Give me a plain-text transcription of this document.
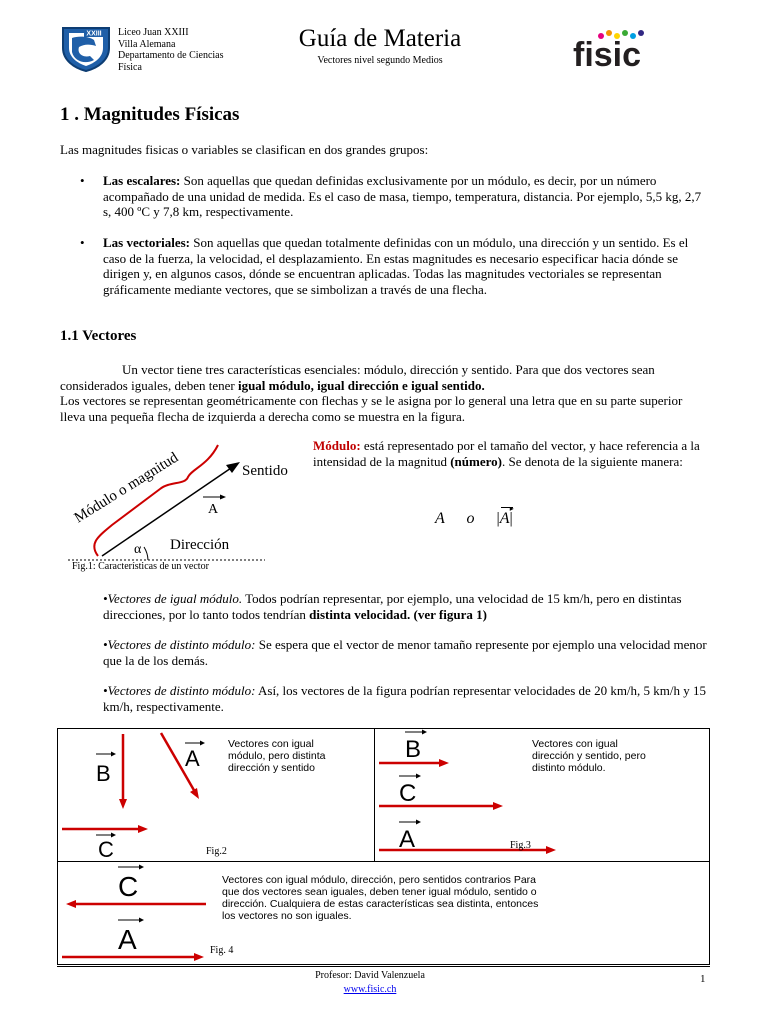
XXIII Liceo Juan XXIII
Villa Alemana
Departamento de Ciencias
Física
Guía de Materia
Vectores nivel segundo Medios	fisic
1 . Magnitudes Físicas
Las magnitudes fisicas o variables se clasifican en dos grandes grupos:
• Las escalares: Son aquellas que quedan definidas exclusivamente por un módulo, es decir, por un número acompañado de una unidad de medida. Es el caso de masa, tiempo, temperatura, distancia. Por ejemplo, 5,5 kg, 2,7 s, 400 ºC y 7,8 km, respectivamente.
• Las vectoriales: Son aquellas que quedan totalmente definidas con un módulo, una dirección y un sentido. Es el caso de la fuerza, la velocidad, el desplazamiento. En estas magnitudes es necesario especificar hacia dónde se dirigen y, en algunos casos, dónde se encuentran aplicadas. Todas las magnitudes vectoriales se representan gráficamente mediante vectores, que se simbolizan a través de una flecha.
1.1 Vectores
Un vector tiene tres características esenciales: módulo, dirección y sentido. Para que dos vectores sean considerados iguales, deben tener igual módulo, igual dirección e igual sentido.
Los vectores se representan geométricamente con flechas y se le asigna por lo general una letra que en su parte superior lleva una pequeña flecha de izquierda a derecha como se muestra en la figura.
A
α Dirección
Sentido
Módulo o magnitud
Fig.1: Características de un vector
Módulo: está representado por el tamaño del vector, y hace referencia a la intensidad de la magnitud (número). Se denota de la siguiente manera:
A o |
▸
A|
•Vectores de igual módulo. Todos podrían representar, por ejemplo, una velocidad de 15 km/h, pero en distintas direcciones, por lo tanto todos tendrían distinta velocidad. (ver figura 1)
•Vectores de distinto módulo: Se espera que el vector de menor tamaño represente por ejemplo una velocidad menor que la de los demás.
•Vectores de distinto módulo: Así, los vectores de la figura podrían representar velocidades de 20 km/h, 5 km/h y 15 km/h, respectivamente.
B
A
C
Vectores con igual módulo, pero distinta dirección y sentido
Fig.2
B
C
A
Vectores con igual dirección y sentido, pero distinto módulo.
Fig.3
C
A
Vectores con igual módulo, dirección, pero sentidos contrarios Para que dos vectores sean iguales, deben tener igual módulo, sentido o dirección. Cualquiera de estas características sea distinta, entonces los vectores no son iguales.
Fig. 4
Profesor: David Valenzuela
www.fisic.ch
1
